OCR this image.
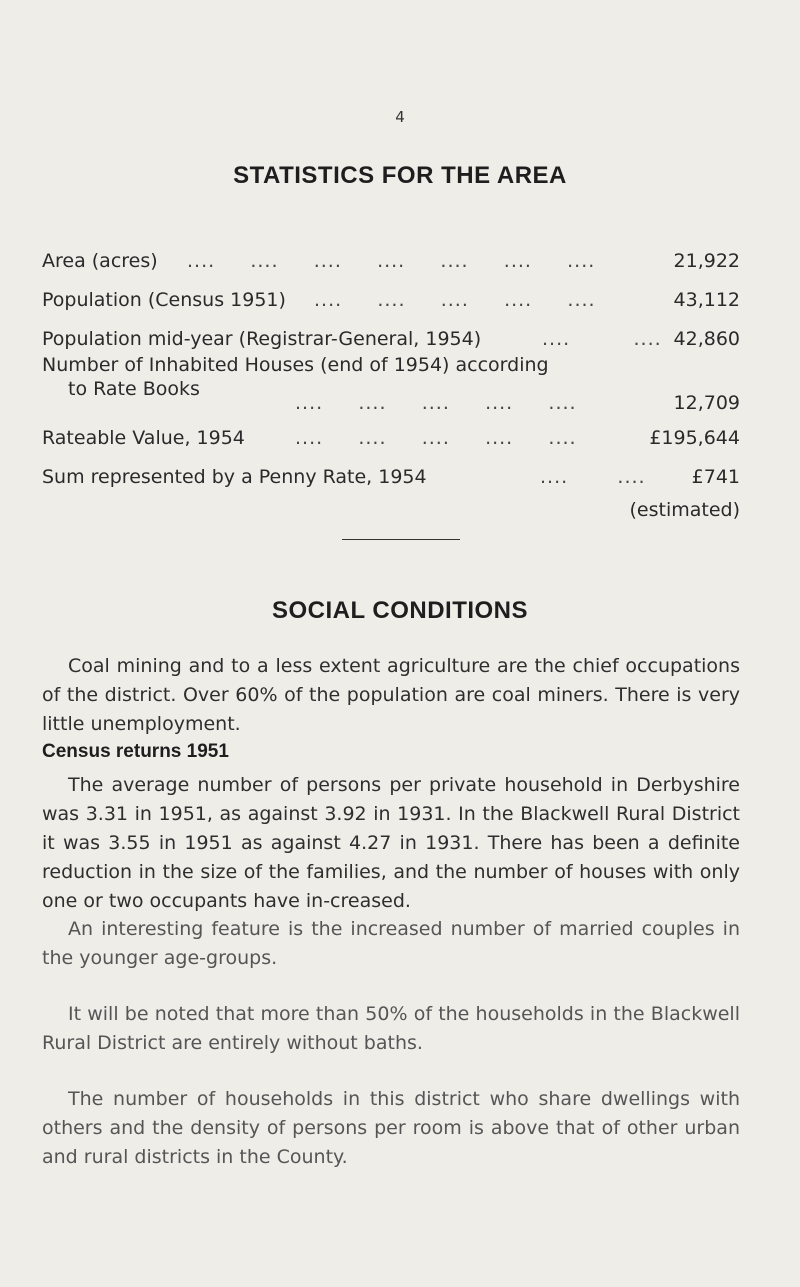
4
STATISTICS FOR THE AREA
Area (acres) ....     ....     ....     ....     ....     ....     ....	21,922
Population (Census 1951) ....     ....     ....     ....     ....	43,112
Population mid-year (Registrar-General, 1954)	....         .... 42,860
Number of Inhabited Houses (end of 1954) according
to Rate Books
....     ....     ....     ....     ....	12,709
Rateable Value, 1954	....     ....     ....     ....     ....	£195,644
Sum represented by a Penny Rate, 1954	....       .... £741
(estimated)
SOCIAL CONDITIONS
Coal mining and to a less extent agriculture are the chief occupations of the district. Over 60% of the population are coal miners. There is very little unemployment.
Census returns 1951
The average number of persons per private household in Derbyshire was 3.31 in 1951, as against 3.92 in 1931. In the Blackwell Rural District it was 3.55 in 1951 as against 4.27 in 1931. There has been a definite reduction in the size of the families, and the number of houses with only one or two occupants have in-creased.
An interesting feature is the increased number of married couples in the younger age-groups.
It will be noted that more than 50% of the households in the Blackwell Rural District are entirely without baths.
The number of households in this district who share dwellings with others and the density of persons per room is above that of other urban and rural districts in the County.
